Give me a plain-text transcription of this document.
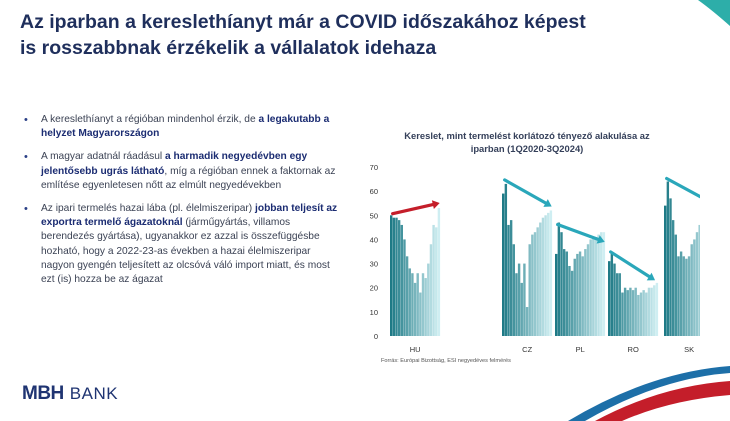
Az iparban a kereslethíanyt már a COVID időszakához képest
is rosszabbnak érzékelik a vállalatok idehaza
• A kereslethíanyt a régióban mindenhol érzik, de a legakutabb a helyzet Magyarországon
• A magyar adatnál ráadásul a harmadik negyedévben egy jelentősebb ugrás látható, míg a régióban ennek a faktornak az említése egyenletesen nőtt az elmúlt negyedévekben
• Az ipari termelés hazai lába (pl. élelmiszeripar) jobban teljesít az exportra termelő ágazatoknál (járműgyártás, villamos berendezés gyártása), ugyanakkor ez azzal is összefüggésbe hozható, hogy a 2022-23-as években a hazai élelmiszeripar nagyon gyengén teljesített az olcsóvá váló import miatt, és most ezt (is) hozza be az ágazat
Kereslet, mint termelést korlátozó tényező alakulása az
iparban (1Q2020-3Q2024)
0
10
20
30
40
50
60
70
HU	CZ	PL	RO	SK
Forrás: Európai Bizottság, ESI negyedéves felmérés
MBH BANK
